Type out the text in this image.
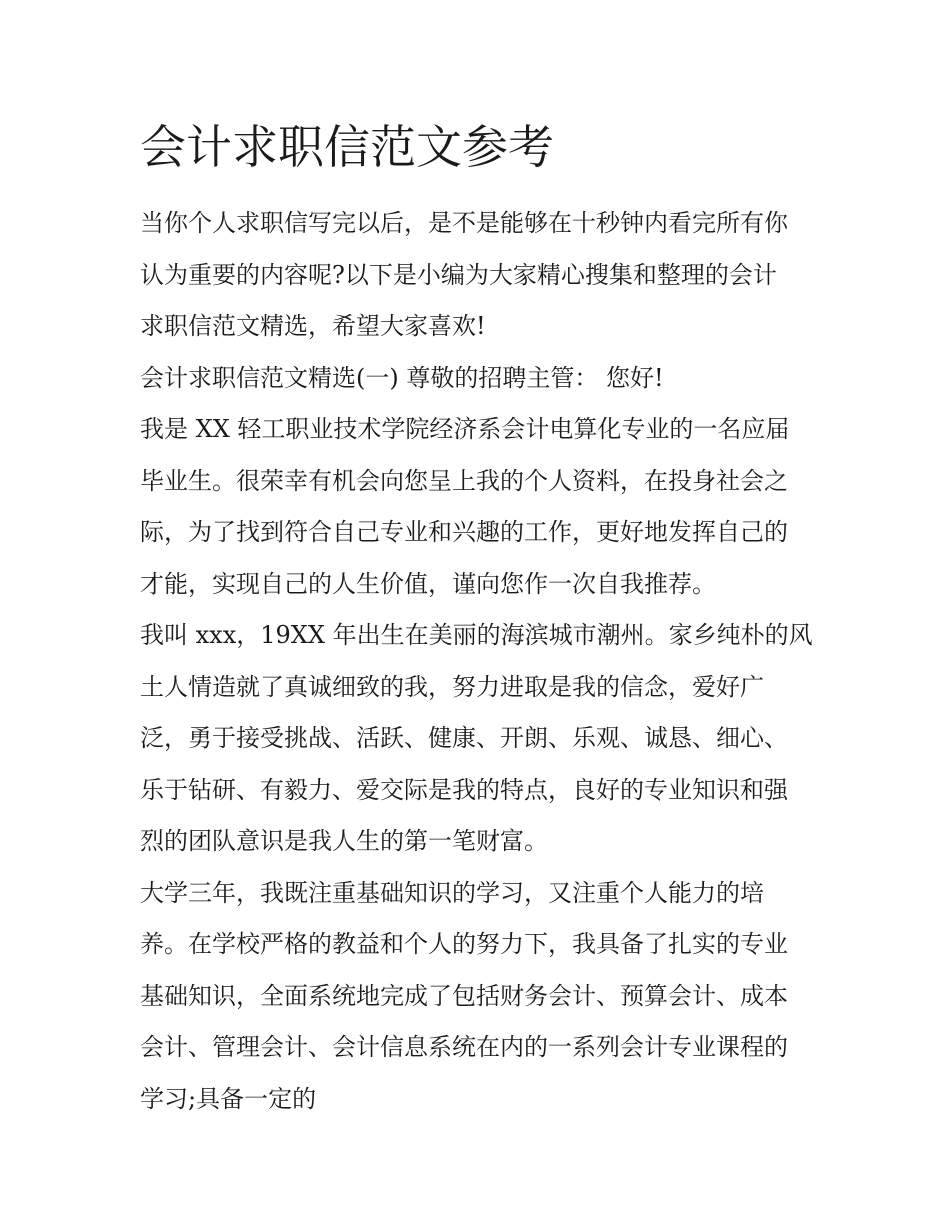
会计求职信范文参考

当你个人求职信写完以后，是不是能够在十秒钟内看完所有你

认为重要的内容呢?以下是小编为大家精心搜集和整理的会计

求职信范文精选，希望大家喜欢!

会计求职信范文精选(一) 尊敬的招聘主管： 您好!

我是 XX 轻工职业技术学院经济系会计电算化专业的一名应届

毕业生。很荣幸有机会向您呈上我的个人资料，在投身社会之

际，为了找到符合自己专业和兴趣的工作，更好地发挥自己的

才能，实现自己的人生价值，谨向您作一次自我推荐。

我叫 xxx，19XX 年出生在美丽的海滨城市潮州。家乡纯朴的风

土人情造就了真诚细致的我，努力进取是我的信念，爱好广

泛，勇于接受挑战、活跃、健康、开朗、乐观、诚恳、细心、

乐于钻研、有毅力、爱交际是我的特点，良好的专业知识和强

烈的团队意识是我人生的第一笔财富。

大学三年，我既注重基础知识的学习，又注重个人能力的培

养。在学校严格的教益和个人的努力下，我具备了扎实的专业

基础知识，全面系统地完成了包括财务会计、预算会计、成本

会计、管理会计、会计信息系统在内的一系列会计专业课程的

学习;具备一定的
